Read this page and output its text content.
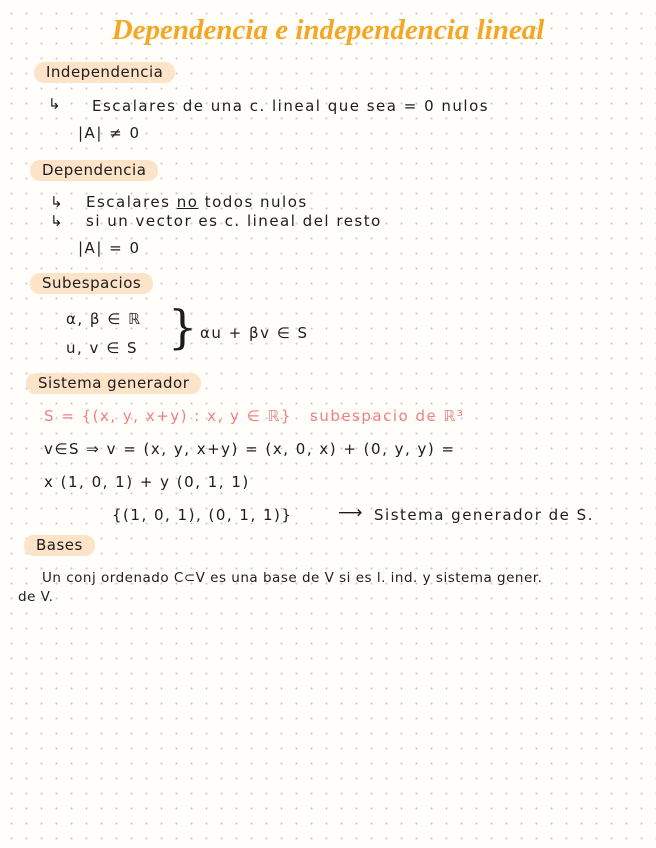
Dependencia e independencia lineal
Independencia
↳ Escalares de una c. lineal que sea = 0 nulos
|A| ≠ 0
Dependencia
↳ Escalares no todos nulos
↳ si un vector es c. lineal del resto
|A| = 0
Subespacios
α, β ∈ ℝ
u, v ∈ S } αu + βv ∈ S
Sistema generador
S = {(x, y, x+y) : x, y ∈ ℝ} subespacio de ℝ³
v∈S ⇒ v = (x, y, x+y) = (x, 0, x) + (0, y, y) =
x (1, 0, 1) + y (0, 1, 1)
{(1, 0, 1), (0, 1, 1)}	⟶ Sistema generador de S.
Bases
Un conj ordenado C⊂V es una base de V si es l. ind. y sistema gener.
de V.
